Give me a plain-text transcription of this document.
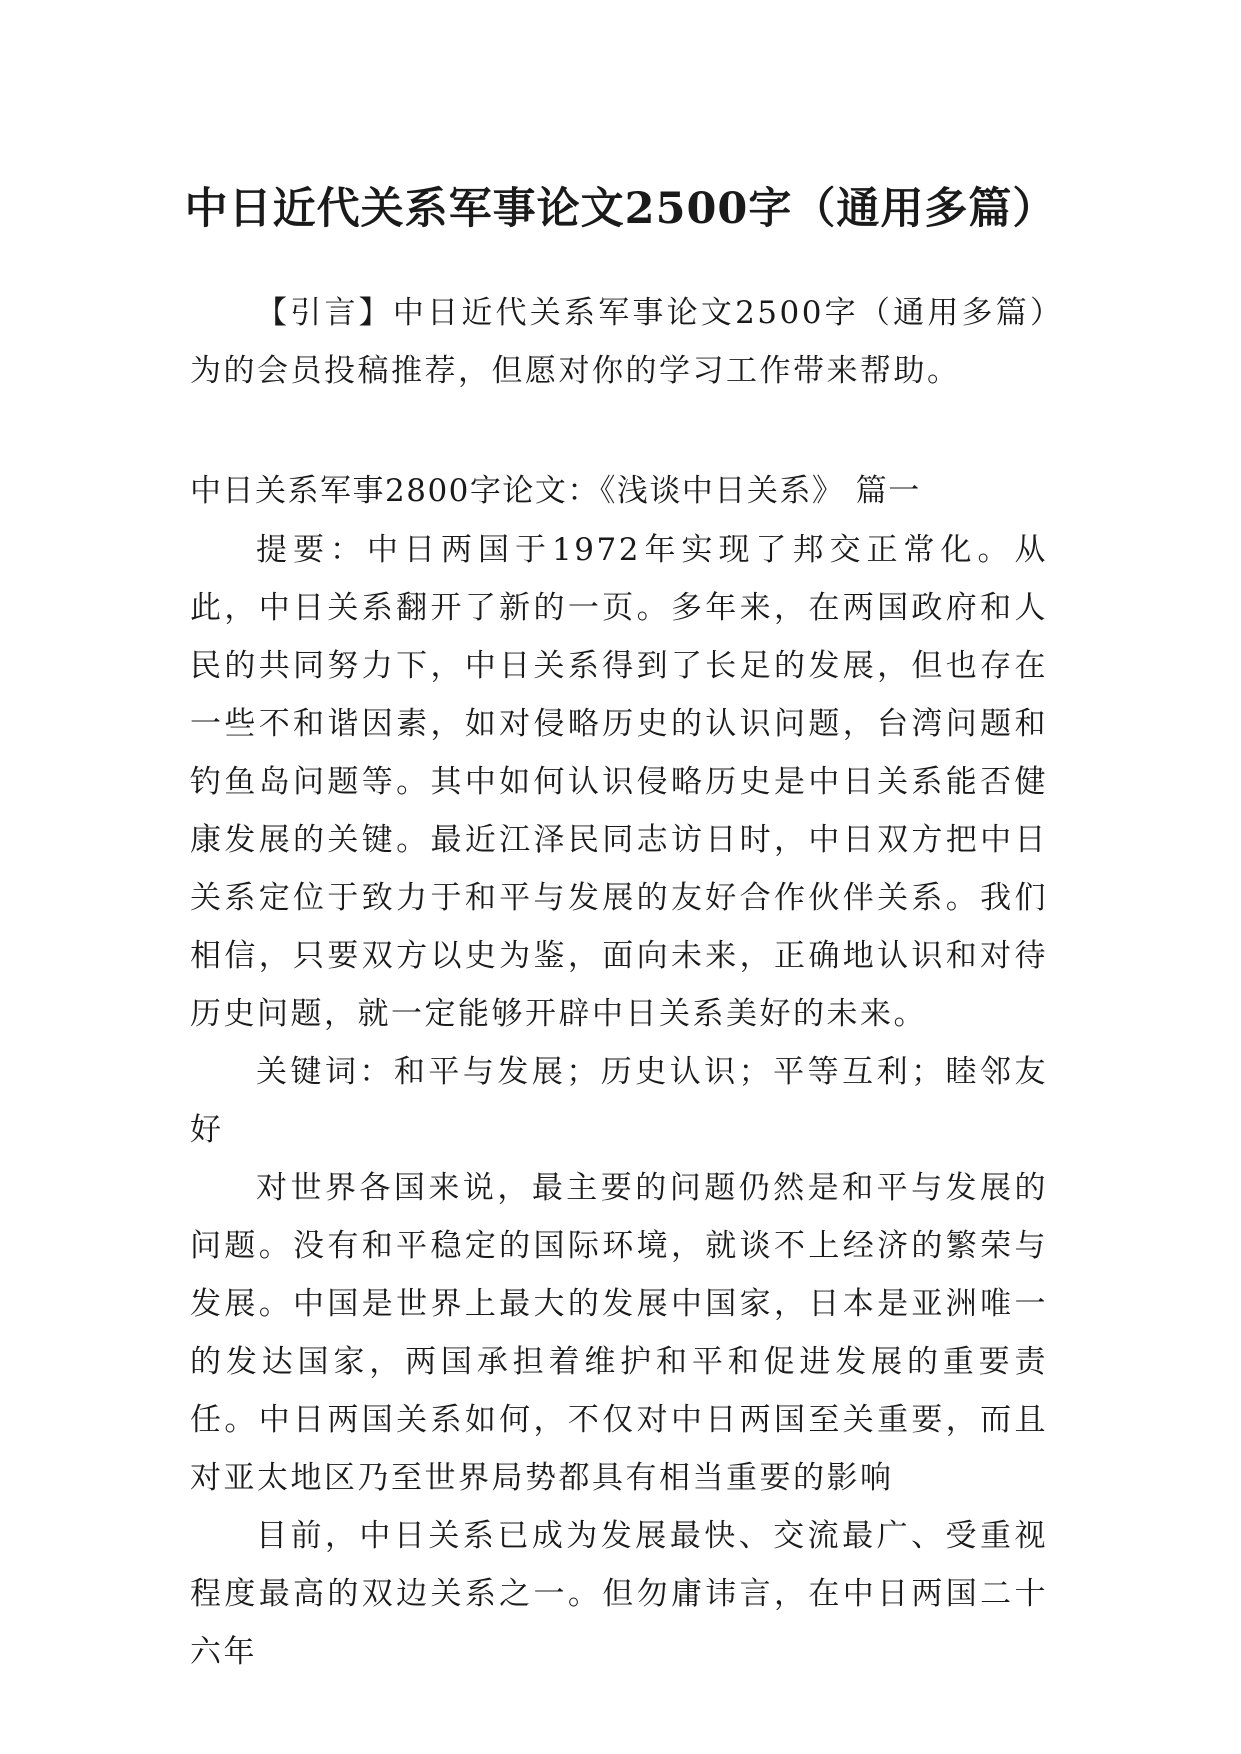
中日近代关系军事论文2500字（通用多篇）

【引言】中日近代关系军事论文2500字（通用多篇）为的会员投稿推荐，但愿对你的学习工作带来帮助。

中日关系军事2800字论文：《浅谈中日关系》 篇一

提要：中日两国于1972年实现了邦交正常化。从此，中日关系翻开了新的一页。多年来，在两国政府和人民的共同努力下，中日关系得到了长足的发展，但也存在一些不和谐因素，如对侵略历史的认识问题，台湾问题和钓鱼岛问题等。其中如何认识侵略历史是中日关系能否健康发展的关键。最近江泽民同志访日时，中日双方把中日关系定位于致力于和平与发展的友好合作伙伴关系。我们相信，只要双方以史为鉴，面向未来，正确地认识和对待历史问题，就一定能够开辟中日关系美好的未来。

关键词：和平与发展；历史认识；平等互利；睦邻友好

对世界各国来说，最主要的问题仍然是和平与发展的问题。没有和平稳定的国际环境，就谈不上经济的繁荣与发展。中国是世界上最大的发展中国家，日本是亚洲唯一的发达国家，两国承担着维护和平和促进发展的重要责任。中日两国关系如何，不仅对中日两国至关重要，而且对亚太地区乃至世界局势都具有相当重要的影响

目前，中日关系已成为发展最快、交流最广、受重视程度最高的双边关系之一。但勿庸讳言，在中日两国二十六年
